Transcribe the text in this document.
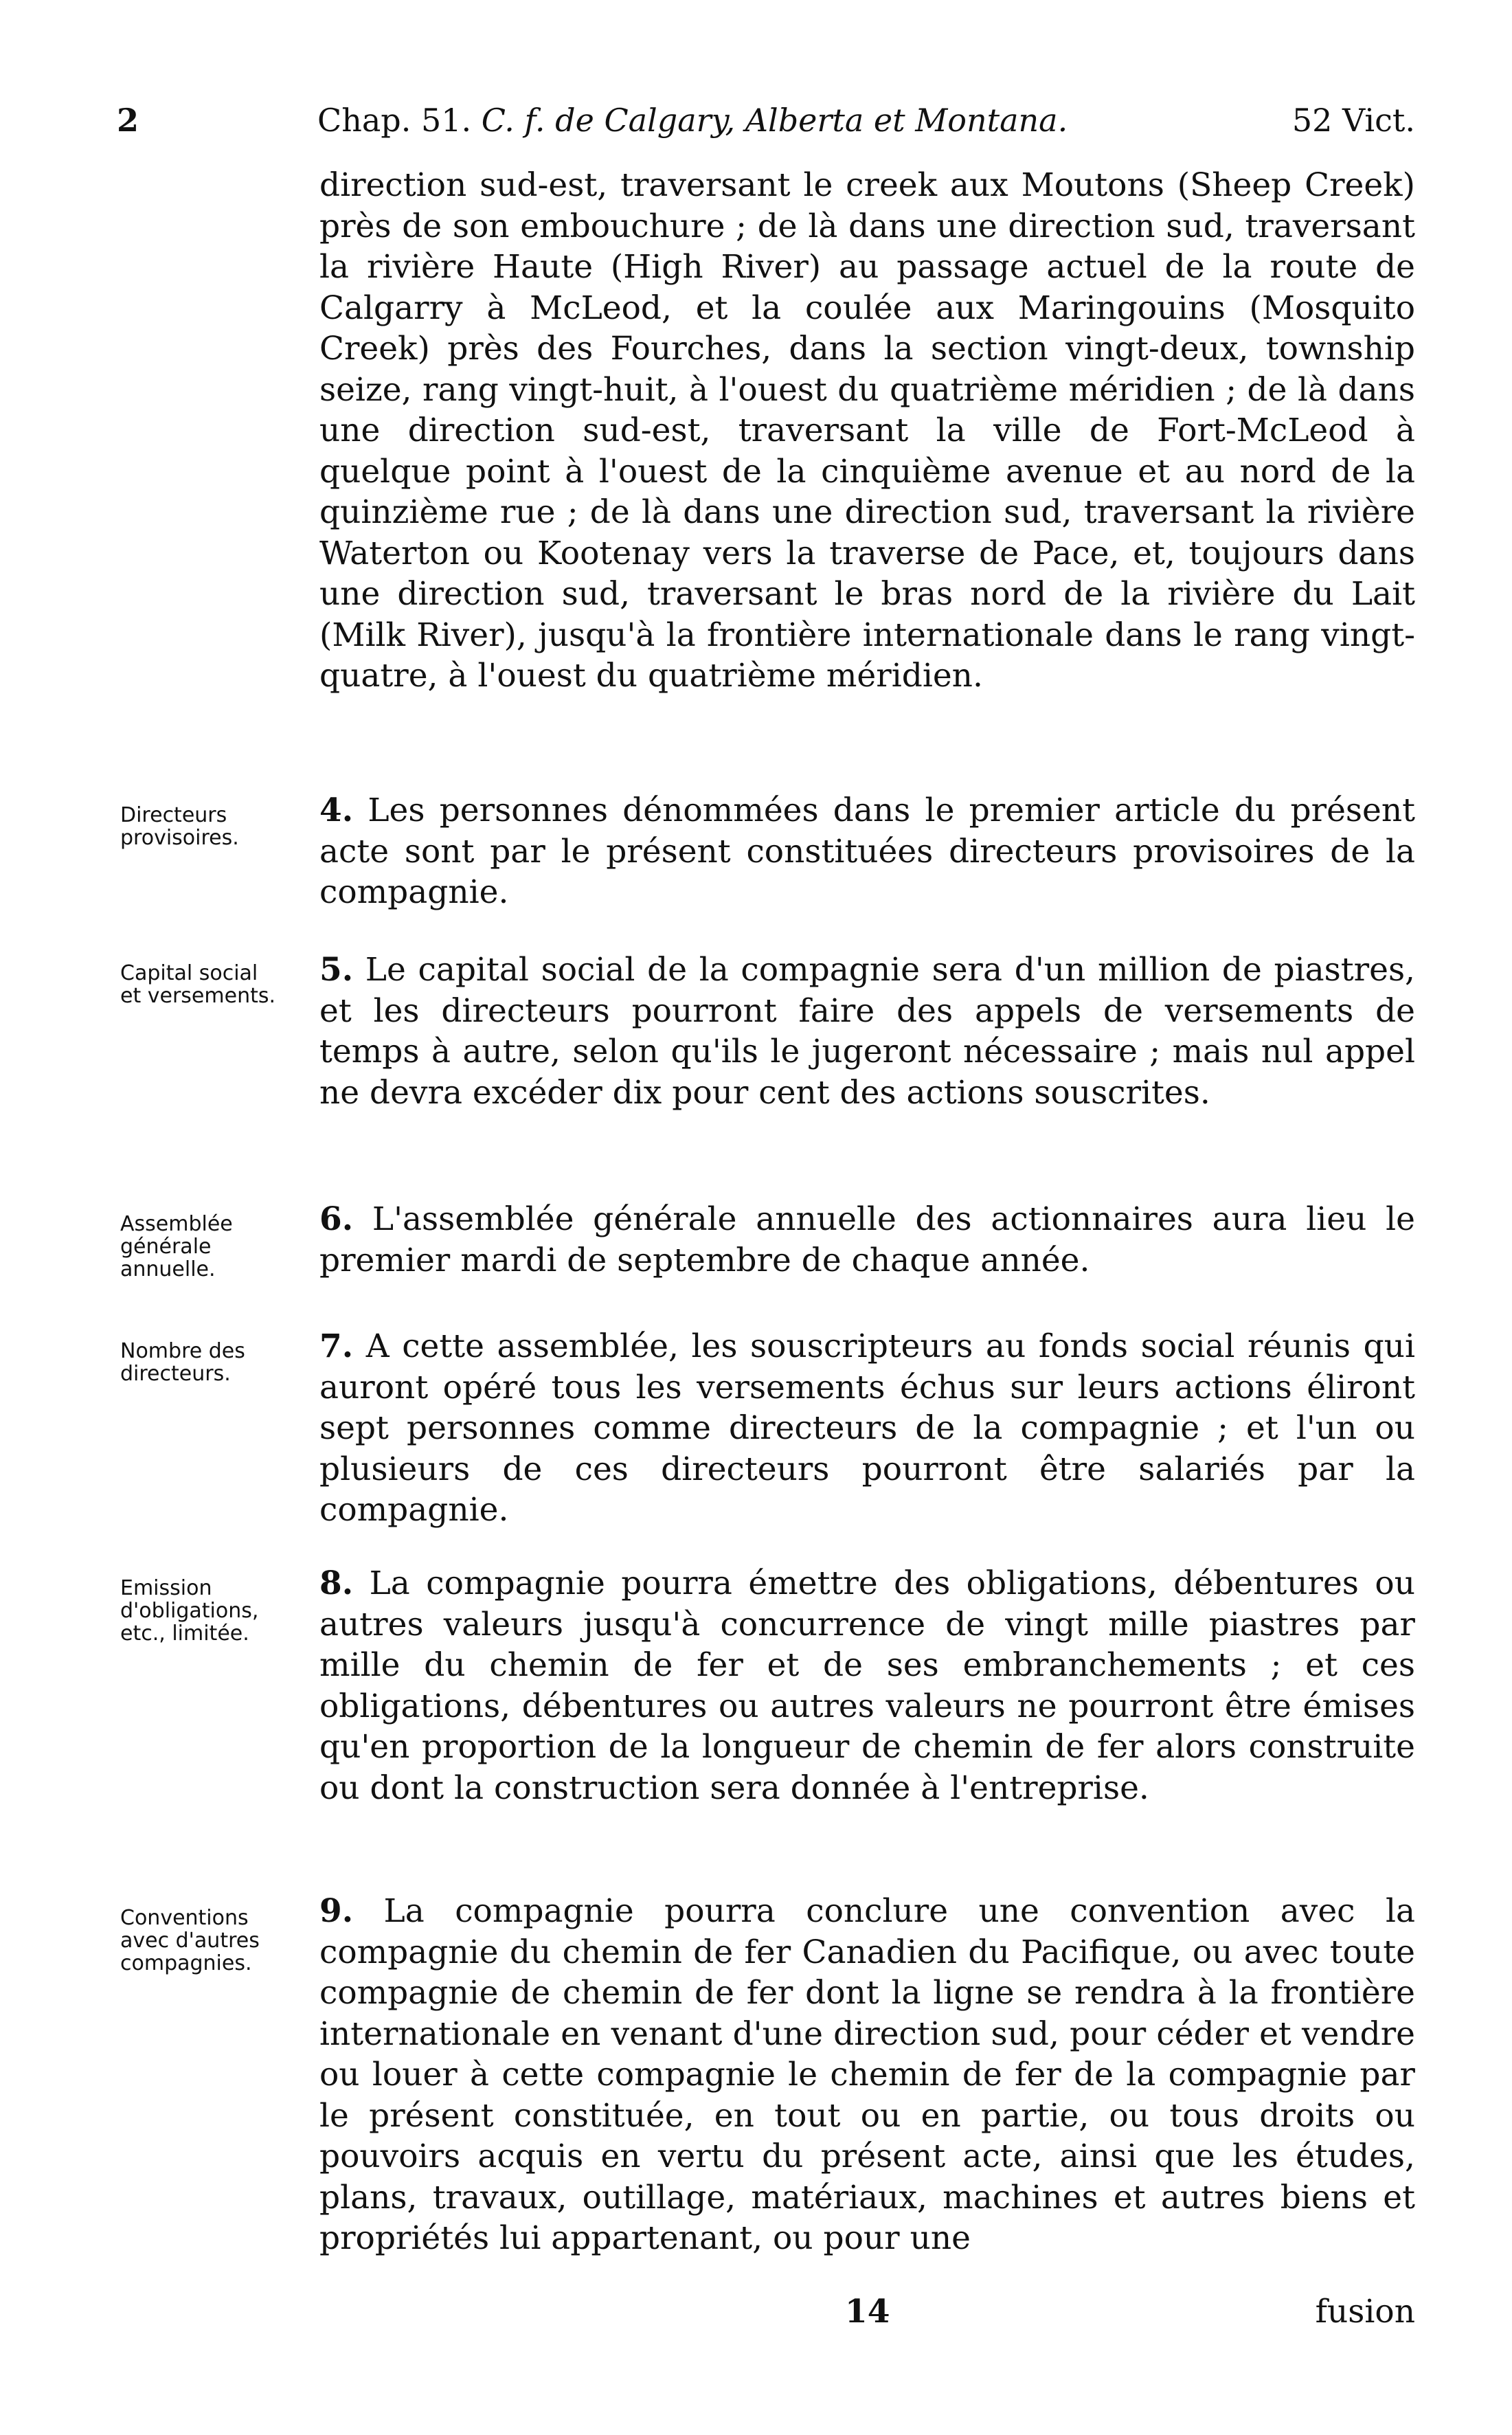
2	Chap. 51. C. f. de Calgary, Alberta et Montana.	52 Vict.
direction sud-est, traversant le creek aux Moutons (Sheep Creek) près de son embouchure ; de là dans une direction sud, traversant la rivière Haute (High River) au passage actuel de la route de Calgarry à McLeod, et la coulée aux Maringouins (Mosquito Creek) près des Fourches, dans la section vingt-deux, township seize, rang vingt-huit, à l'ouest du quatrième méridien ; de là dans une direction sud-est, traversant la ville de Fort-McLeod à quelque point à l'ouest de la cinquième avenue et au nord de la quinzième rue ; de là dans une direction sud, traversant la rivière Waterton ou Kootenay vers la traverse de Pace, et, toujours dans une direction sud, traversant le bras nord de la rivière du Lait (Milk River), jusqu'à la frontière internationale dans le rang vingt-quatre, à l'ouest du quatrième méridien.
Directeurs
provisoires.
4. Les personnes dénommées dans le premier article du présent acte sont par le présent constituées directeurs provisoires de la compagnie.
Capital social
et versements.
5. Le capital social de la compagnie sera d'un million de piastres, et les directeurs pourront faire des appels de versements de temps à autre, selon qu'ils le jugeront nécessaire ; mais nul appel ne devra excéder dix pour cent des actions souscrites.
Assemblée
générale
annuelle.
6. L'assemblée générale annuelle des actionnaires aura lieu le premier mardi de septembre de chaque année.
Nombre des
directeurs.
7. A cette assemblée, les souscripteurs au fonds social réunis qui auront opéré tous les versements échus sur leurs actions éliront sept personnes comme directeurs de la compagnie ; et l'un ou plusieurs de ces directeurs pourront être salariés par la compagnie.
Emission
d'obligations,
etc., limitée.
8. La compagnie pourra émettre des obligations, débentures ou autres valeurs jusqu'à concurrence de vingt mille piastres par mille du chemin de fer et de ses embranchements ; et ces obligations, débentures ou autres valeurs ne pourront être émises qu'en proportion de la longueur de chemin de fer alors construite ou dont la construction sera donnée à l'entreprise.
Conventions
avec d'autres
compagnies.
9. La compagnie pourra conclure une convention avec la compagnie du chemin de fer Canadien du Pacifique, ou avec toute compagnie de chemin de fer dont la ligne se rendra à la frontière internationale en venant d'une direction sud, pour céder et vendre ou louer à cette compagnie le chemin de fer de la compagnie par le présent constituée, en tout ou en partie, ou tous droits ou pouvoirs acquis en vertu du présent acte, ainsi que les études, plans, travaux, outillage, matériaux, machines et autres biens et propriétés lui appartenant, ou pour une
14	fusion
